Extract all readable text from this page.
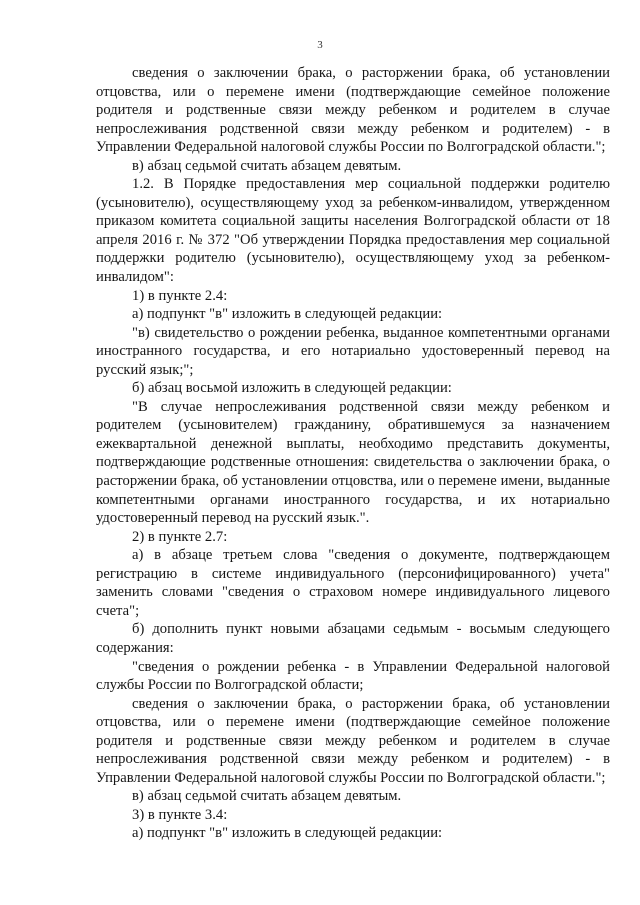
3

сведения о заключении брака, о расторжении брака, об установлении отцовства, или о перемене имени (подтверждающие семейное положение родителя и родственные связи между ребенком и родителем в случае непрослеживания родственной связи между ребенком и родителем) - в Управлении Федеральной налоговой службы России по Волгоградской области.";

в) абзац седьмой считать абзацем девятым.

1.2. В Порядке предоставления мер социальной поддержки родителю (усыновителю), осуществляющему уход за ребенком-инвалидом, утвержденном приказом комитета социальной защиты населения Волгоградской области от 18 апреля 2016 г. № 372 "Об утверждении Порядка предоставления мер социальной поддержки родителю (усыновителю), осуществляющему уход за ребенком-инвалидом":

1) в пункте 2.4:

а) подпункт "в" изложить в следующей редакции:

"в) свидетельство о рождении ребенка, выданное компетентными органами иностранного государства, и его нотариально удостоверенный перевод на русский язык;";

б) абзац восьмой изложить в следующей редакции:

"В случае непрослеживания родственной связи между ребенком и родителем (усыновителем) гражданину, обратившемуся за назначением ежеквартальной денежной выплаты, необходимо представить документы, подтверждающие родственные отношения: свидетельства о заключении брака, о расторжении брака, об установлении отцовства, или о перемене имени, выданные компетентными органами иностранного государства, и их нотариально удостоверенный перевод на русский язык.".

2) в пункте 2.7:

а) в абзаце третьем слова "сведения о документе, подтверждающем регистрацию в системе индивидуального (персонифицированного) учета" заменить словами "сведения о страховом номере индивидуального лицевого счета";

б) дополнить пункт новыми абзацами седьмым - восьмым следующего содержания:

"сведения о рождении ребенка - в Управлении Федеральной налоговой службы России по Волгоградской области;

сведения о заключении брака, о расторжении брака, об установлении отцовства, или о перемене имени (подтверждающие семейное положение родителя и родственные связи между ребенком и родителем в случае непрослеживания родственной связи между ребенком и родителем) - в Управлении Федеральной налоговой службы России по Волгоградской области.";

в) абзац седьмой считать абзацем девятым.

3) в пункте 3.4:

а) подпункт "в" изложить в следующей редакции:
